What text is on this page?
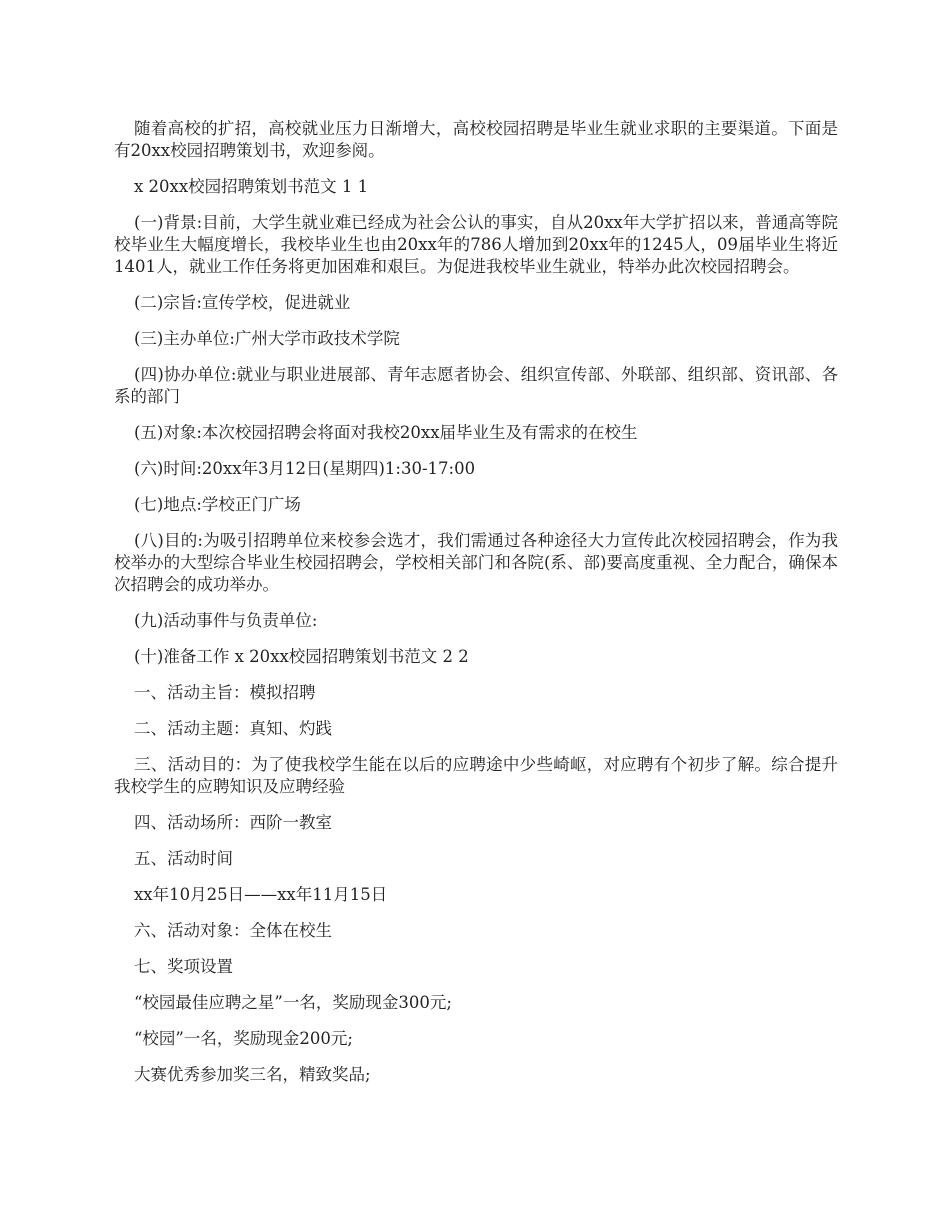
随着高校的扩招，高校就业压力日渐增大，高校校园招聘是毕业生就业求职的主要渠道。下面是有20xx校园招聘策划书，欢迎参阅。

x 20xx校园招聘策划书范文 1 1

(一)背景:目前，大学生就业难已经成为社会公认的事实，自从20xx年大学扩招以来，普通高等院校毕业生大幅度增长，我校毕业生也由20xx年的786人增加到20xx年的1245人，09届毕业生将近1401人，就业工作任务将更加困难和艰巨。为促进我校毕业生就业，特举办此次校园招聘会。

(二)宗旨:宣传学校，促进就业

(三)主办单位:广州大学市政技术学院

(四)协办单位:就业与职业进展部、青年志愿者协会、组织宣传部、外联部、组织部、资讯部、各系的部门

(五)对象:本次校园招聘会将面对我校20xx届毕业生及有需求的在校生

(六)时间:20xx年3月12日(星期四)1:30-17:00

(七)地点:学校正门广场

(八)目的:为吸引招聘单位来校参会选才，我们需通过各种途径大力宣传此次校园招聘会，作为我校举办的大型综合毕业生校园招聘会，学校相关部门和各院(系、部)要高度重视、全力配合，确保本次招聘会的成功举办。

(九)活动事件与负责单位:

(十)准备工作 x 20xx校园招聘策划书范文 2 2

一、活动主旨：模拟招聘

二、活动主题：真知、灼践

三、活动目的：为了使我校学生能在以后的应聘途中少些崎岖，对应聘有个初步了解。综合提升我校学生的应聘知识及应聘经验

四、活动场所：西阶一教室

五、活动时间

xx年10月25日——xx年11月15日

六、活动对象：全体在校生

七、奖项设置

“校园最佳应聘之星”一名，奖励现金300元;

“校园”一名，奖励现金200元;

大赛优秀参加奖三名，精致奖品;
